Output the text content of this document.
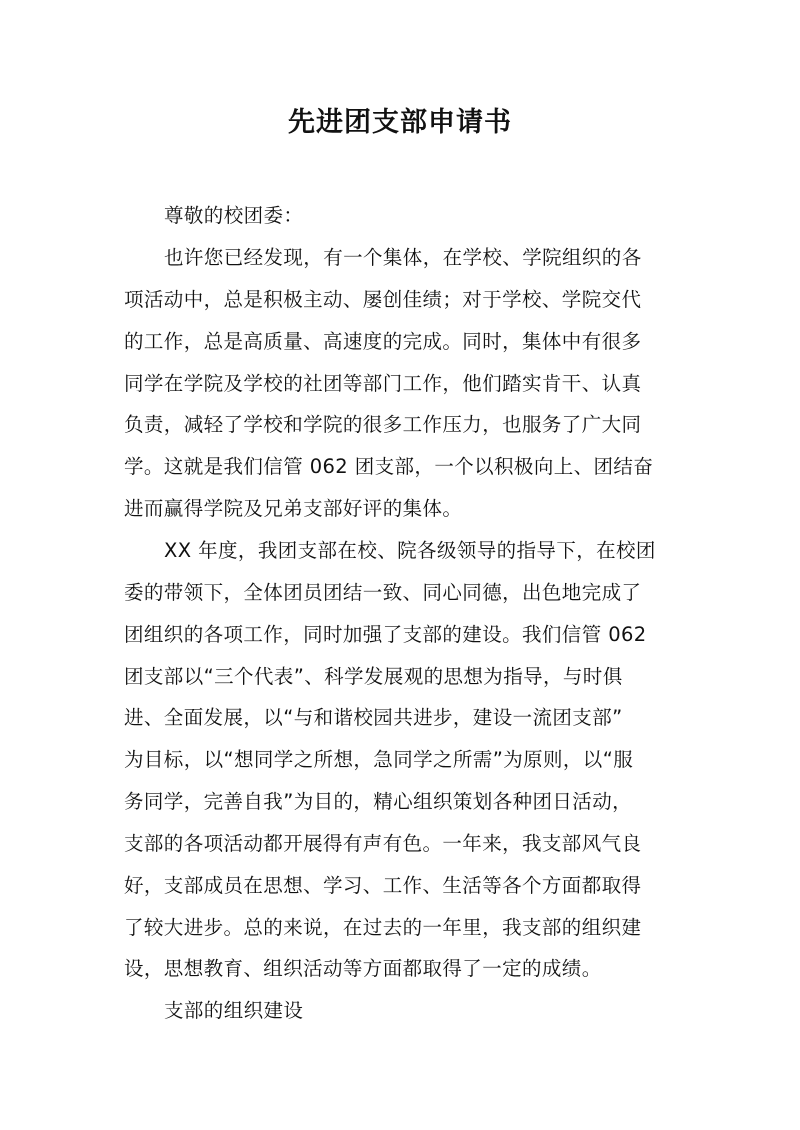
先进团支部申请书
尊敬的校团委：
也许您已经发现，有一个集体，在学校、学院组织的各
项活动中，总是积极主动、屡创佳绩；对于学校、学院交代
的工作，总是高质量、高速度的完成。同时，集体中有很多
同学在学院及学校的社团等部门工作，他们踏实肯干、认真
负责，减轻了学校和学院的很多工作压力，也服务了广大同
学。这就是我们信管 062 团支部，一个以积极向上、团结奋
进而赢得学院及兄弟支部好评的集体。
XX 年度，我团支部在校、院各级领导的指导下，在校团
委的带领下，全体团员团结一致、同心同德，出色地完成了
团组织的各项工作，同时加强了支部的建设。我们信管 062
团支部以“三个代表”、科学发展观的思想为指导，与时俱
进、全面发展，以“与和谐校园共进步，建设一流团支部”
为目标，以“想同学之所想，急同学之所需”为原则，以“服
务同学，完善自我”为目的，精心组织策划各种团日活动，
支部的各项活动都开展得有声有色。一年来，我支部风气良
好，支部成员在思想、学习、工作、生活等各个方面都取得
了较大进步。总的来说，在过去的一年里，我支部的组织建
设，思想教育、组织活动等方面都取得了一定的成绩。
支部的组织建设
